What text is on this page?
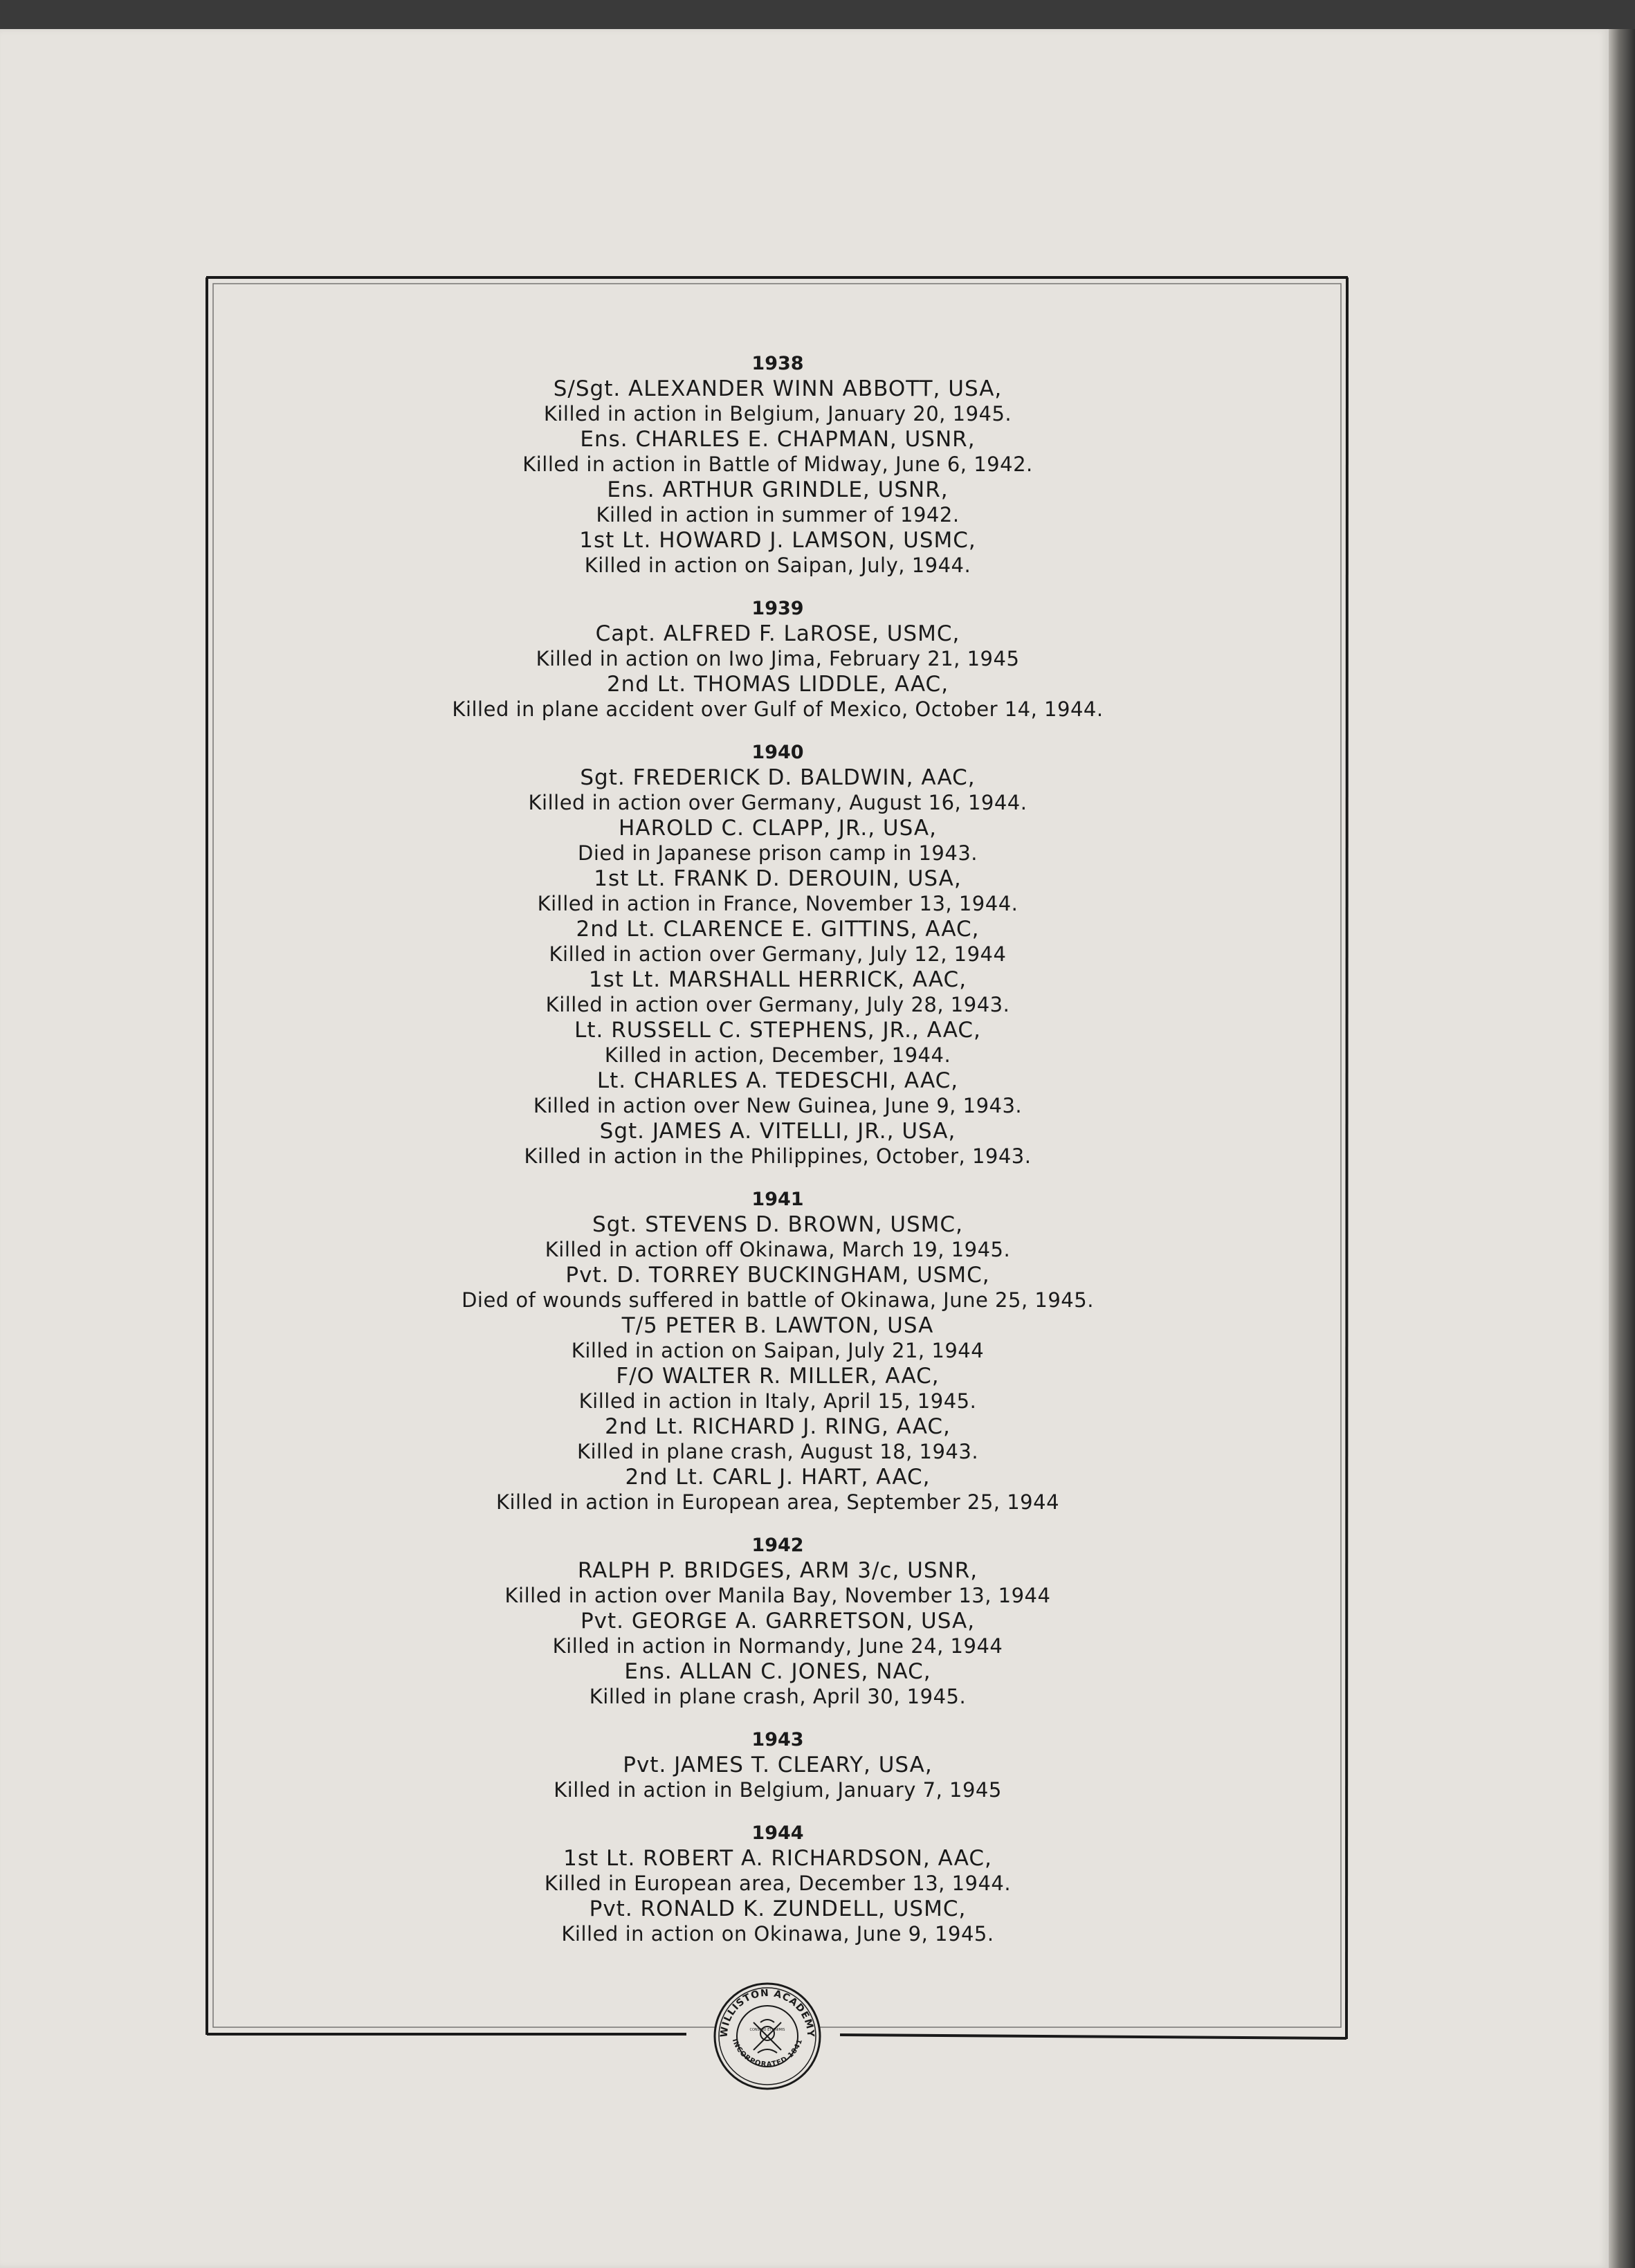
1938
S/Sgt. ALEXANDER WINN ABBOTT, USA,
Killed in action in Belgium, January 20, 1945.
Ens. CHARLES E. CHAPMAN, USNR,
Killed in action in Battle of Midway, June 6, 1942.
Ens. ARTHUR GRINDLE, USNR,
Killed in action in summer of 1942.
1st Lt. HOWARD J. LAMSON, USMC,
Killed in action on Saipan, July, 1944.
1939
Capt. ALFRED F. LaROSE, USMC,
Killed in action on Iwo Jima, February 21, 1945
2nd Lt. THOMAS LIDDLE, AAC,
Killed in plane accident over Gulf of Mexico, October 14, 1944.
1940
Sgt. FREDERICK D. BALDWIN, AAC,
Killed in action over Germany, August 16, 1944.
HAROLD C. CLAPP, JR., USA,
Died in Japanese prison camp in 1943.
1st Lt. FRANK D. DEROUIN, USA,
Killed in action in France, November 13, 1944.
2nd Lt. CLARENCE E. GITTINS, AAC,
Killed in action over Germany, July 12, 1944
1st Lt. MARSHALL HERRICK, AAC,
Killed in action over Germany, July 28, 1943.
Lt. RUSSELL C. STEPHENS, JR., AAC,
Killed in action, December, 1944.
Lt. CHARLES A. TEDESCHI, AAC,
Killed in action over New Guinea, June 9, 1943.
Sgt. JAMES A. VITELLI, JR., USA,
Killed in action in the Philippines, October, 1943.
1941
Sgt. STEVENS D. BROWN, USMC,
Killed in action off Okinawa, March 19, 1945.
Pvt. D. TORREY BUCKINGHAM, USMC,
Died of wounds suffered in battle of Okinawa, June 25, 1945.
T/5 PETER B. LAWTON, USA
Killed in action on Saipan, July 21, 1944
F/O WALTER R. MILLER, AAC,
Killed in action in Italy, April 15, 1945.
2nd Lt. RICHARD J. RING, AAC,
Killed in plane crash, August 18, 1943.
2nd Lt. CARL J. HART, AAC,
Killed in action in European area, September 25, 1944
1942
RALPH P. BRIDGES, ARM 3/c, USNR,
Killed in action over Manila Bay, November 13, 1944
Pvt. GEORGE A. GARRETSON, USA,
Killed in action in Normandy, June 24, 1944
Ens. ALLAN C. JONES, NAC,
Killed in plane crash, April 30, 1945.
1943
Pvt. JAMES T. CLEARY, USA,
Killed in action in Belgium, January 7, 1945
1944
1st Lt. ROBERT A. RICHARDSON, AAC,
Killed in European area, December 13, 1944.
Pvt. RONALD K. ZUNDELL, USMC,
Killed in action on Okinawa, June 9, 1945.
WILLISTON ACADEMY
INCORPORATED 1841
CONSILIO ET ANIMIS
